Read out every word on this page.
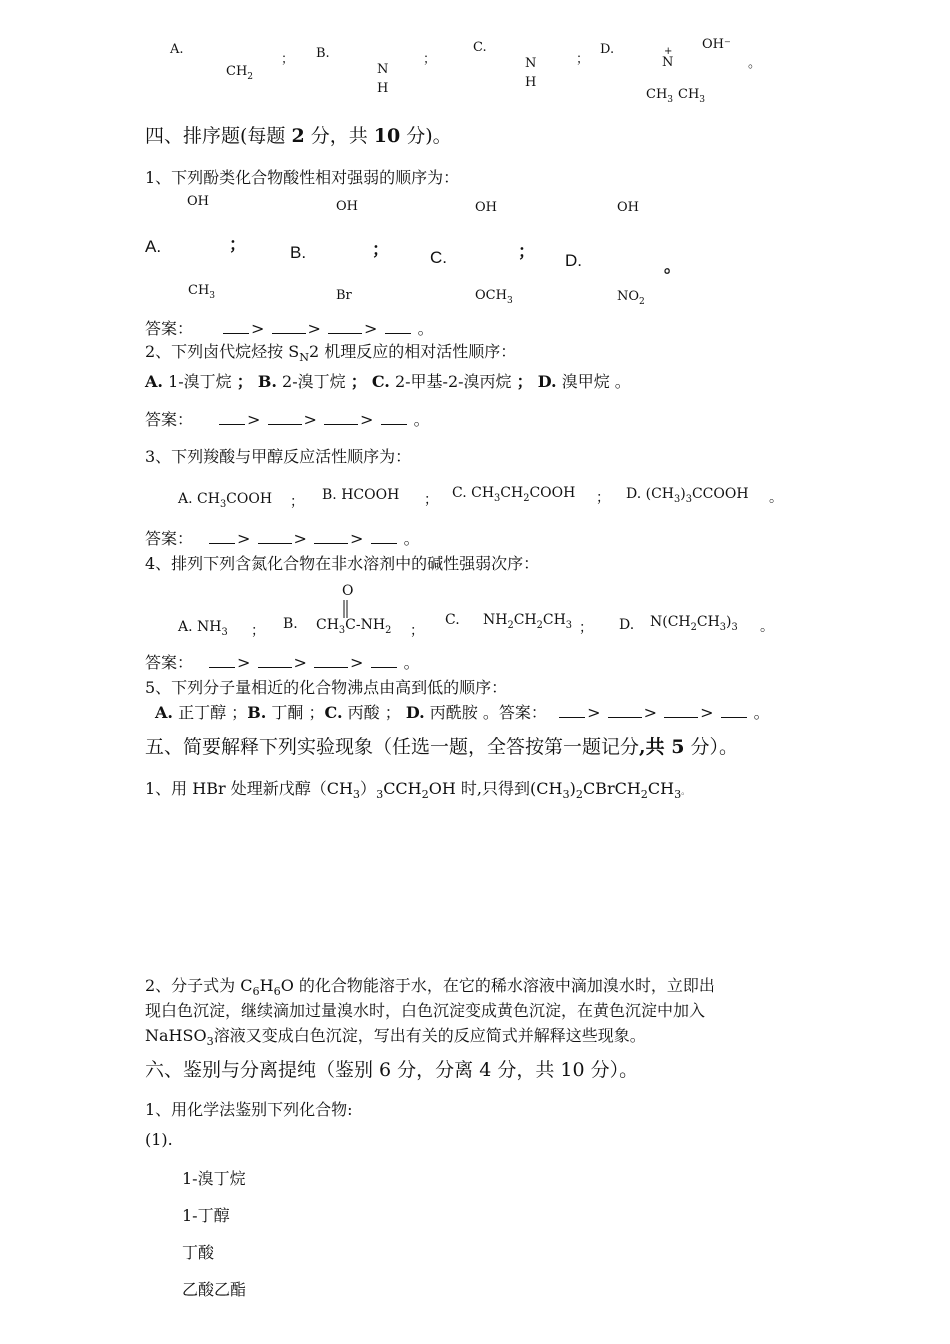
A.
$CH_2$
； B.
N
H
；
C.
N
H
；
D.	+
N
OH⁻
$CH_3$ $CH_3$
。
四、排序题(每题 2 分，共 10 分)。
1、下列酚类化合物酸性相对强弱的顺序为：
OH	OH	OH	OH
A.	；	B.	； C.	； D.	。
$CH_3$	Br	$OCH_3$	$NO_2$
答案：	>	>	>	。
2、下列卤代烷烃按 $S_N2$ 机理反应的相对活性顺序：
A. 1-溴丁烷 ； B. 2-溴丁烷 ； C. 2-甲基-2-溴丙烷 ； D. 溴甲烷 。
答案：	>	>	>	。
3、下列羧酸与甲醇反应活性顺序为：
A. $CH_3COOH$ ； B. HCOOH ； C. $CH_3CH_2COOH$ ； D. $(CH_3)_3CCOOH$ 。
答案：	>	>	>	。
4、排列下列含氮化合物在非水溶剂中的碱性强弱次序：
A. $NH_3$ ； B.
O
$CH_3C-NH_2$ ；
C. $NH_2CH_2CH_3$ ； D. $N(CH_2CH_3)_3$ 。
答案：	>	>	>	。
5、下列分子量相近的化合物沸点由高到低的顺序：
A. 正丁醇 ；B. 丁酮 ；C. 丙酸 ； D. 丙酰胺 。答案：	>	>	>	。
五、简要解释下列实验现象（任选一题，全答按第一题记分,共 5 分）。
1、用 HBr 处理新戊醇$(CH_3)_3CCH_2OH$ 时,只得到$(CH_3)_2CBrCH_2CH_3$。
2、分子式为 $C_6H_6O$ 的化合物能溶于水，在它的稀水溶液中滴加溴水时，立即出
现白色沉淀，继续滴加过量溴水时，白色沉淀变成黄色沉淀，在黄色沉淀中加入
NaHSO$_3$溶液又变成白色沉淀，写出有关的反应简式并解释这些现象。
六、鉴别与分离提纯（鉴别 6 分，分离 4 分，共 10 分）。
1、用化学法鉴别下列化合物:
(1).
1-溴丁烷
1-丁醇
丁酸
乙酸乙酯
